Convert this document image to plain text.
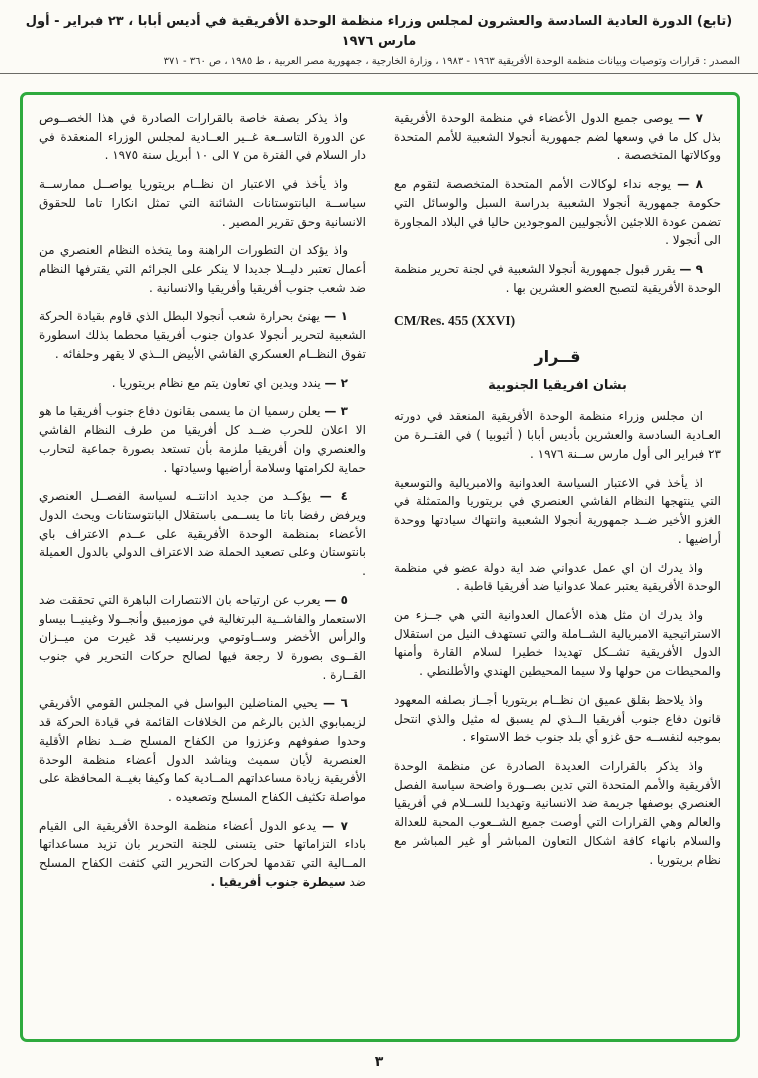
(تابع) الدورة العادية السادسة والعشرون لمجلس وزراء منظمة الوحدة الأفريقية في أديس أبابا ، ٢٣ فبراير - أول مارس ١٩٧٦
المصدر : قرارات وتوصيات وبيانات منظمة الوحدة الأفريقية ١٩٦٣ - ١٩٨٣ ، وزارة الخارجية ، جمهورية مصر العربية ، ط ١٩٨٥ ، ص ٣٦٠ - ٣٧١

٧ — يوصى جميع الدول الأعضاء في منظمة الوحدة الأفريقية بذل كل ما في وسعها لضم جمهورية أنجولا الشعبية للأمم المتحدة ووكالاتها المتخصصة .

٨ — يوجه نداء لوكالات الأمم المتحدة المتخصصة لتقوم مع حكومة جمهورية أنجولا الشعبية بدراسة السبل والوسائل التي تضمن عودة اللاجئين الأنجوليين الموجودين حاليا في البلاد المجاورة الى أنجولا .

٩ — يقرر قبول جمهورية أنجولا الشعبية في لجنة تحرير منظمة الوحدة الأفريقية لتصبح العضو العشرين بها .

CM/Res. 455 (XXVI)
قــرار
بشان افريقيا الجنوبية

ان مجلس وزراء منظمة الوحدة الأفريقية المنعقد في دورته العـادية السادسة والعشرين بأديس أبابا ( أثيوبيا ) في الفتــرة من ٢٣ فبراير الى أول مارس ســنة ١٩٧٦ .

اذ يأخذ في الاعتبار السياسة العدوانية والامبريالية والتوسعية التي ينتهجها النظام الفاشي العنصري في بريتوريا والمتمثلة في الغزو الأخير ضــد جمهورية أنجولا الشعبية وانتهاك سيادتها ووحدة أراضيها .

واذ يدرك ان اي عمل عدواني ضد اية دولة عضو في منظمة الوحدة الأفريقية يعتبر عملا عدوانيا ضد أفريقيا قاطبة .

واذ يدرك ان مثل هذه الأعمال العدوانية التي هي جــزء من الاستراتيجية الامبريالية الشــاملة والتي تستهدف النيل من استقلال الدول الأفريقية تشــكل تهديدا خطيرا لسلام القارة وأمنها والمحيطات من حولها ولا سيما المحيطين الهندي والأطلنطي .

واذ يلاحظ بقلق عميق ان نظــام بريتوريا أجــاز بصلفه المعهود قانون دفاع جنوب أفريقيا الــذي لم يسبق له مثيل والذي انتحل بموجبه لنفســه حق غزو أي بلد جنوب خط الاستواء .

واذ يذكر بالقرارات العديدة الصادرة عن منظمة الوحدة الأفريقية والأمم المتحدة التي تدين بصــورة واضحة سياسة الفصل العنصري بوصفها جريمة ضد الانسانية وتهديدا للســلام في أفريقيا والعالم وهي القرارات التي أوصت جميع الشــعوب المحبة للعدالة والسلام بانهاء كافة اشكال التعاون المباشر أو غير المباشر مع نظام بريتوريا .

واذ يذكر بصفة خاصة بالقرارات الصادرة في هذا الخصــوص عن الدورة التاســعة غــير العــادية لمجلس الوزراء المنعقدة في دار السلام في الفترة من ٧ الى ١٠ أبريل سنة ١٩٧٥ .

واذ يأخذ في الاعتبار ان نظــام بريتوريا يواصــل ممارســة سياســة البانتوستانات الشائنة التي تمثل انكارا تاما للحقوق الانسانية وحق تقرير المصير .

واذ يؤكد ان التطورات الراهنة وما يتخذه النظام العنصري من أعمال تعتبر دليــلا جديدا لا ينكر على الجرائم التي يقترفها النظام ضد شعب جنوب أفريقيا وأفريقيا والانسانية .

١ — يهنئ بحرارة شعب أنجولا البطل الذي قاوم بقيادة الحركة الشعبية لتحرير أنجولا عدوان جنوب أفريقيا محطما بذلك اسطورة تفوق النظــام العسكري الفاشي الأبيض الــذي لا يقهر وحلفائه .

٢ — يندد ويدين اي تعاون يتم مع نظام بريتوريا .

٣ — يعلن رسميا ان ما يسمى بقانون دفاع جنوب أفريقيا ما هو الا اعلان للحرب ضــد كل أفريقيا من طرف النظام الفاشي والعنصري وان أفريقيا ملزمة بأن تستعد بصورة جماعية لتحارب حماية لكرامتها وسلامة أراضيها وسيادتها .

٤ — يؤكــد من جديد ادانتــه لسياسة الفصــل العنصري ويرفض رفضا باتا ما يســمى باستقلال البانتوستانات ويحث الدول الأعضاء بمنظمة الوحدة الأفريقية على عــدم الاعتراف باي بانتوستان وعلى تصعيد الحملة ضد الاعتراف الدولي بالدول العميلة .

٥ — يعرب عن ارتياحه بان الانتصارات الباهرة التي تحققت ضد الاستعمار والفاشــية البرتغالية في موزمبيق وأنجــولا وغينيــا بيساو والرأس الأخضر وســاوتومي وبرنسيب قد غيرت من ميــزان القــوى بصورة لا رجعة فيها لصالح حركات التحرير في جنوب القــارة .

٦ — يحيي المناضلين البواسل في المجلس القومي الأفريقي لزيمبابوي الذين بالرغم من الخلافات القائمة في قيادة الحركة قد وحدوا صفوفهم وعززوا من الكفاح المسلح ضــد نظام الأقلية العنصرية لأيان سميث ويناشد الدول أعضاء منظمة الوحدة الأفريقية زيادة مساعداتهم المــادية كما وكيفا بغيــة المحافظة على مواصلة تكثيف الكفاح المسلح وتصعيده .

٧ — يدعو الدول أعضاء منظمة الوحدة الأفريقية الى القيام باداء التزاماتها حتى يتسنى للجنة التحرير بان تزيد مساعداتها المــالية التي تقدمها لحركات التحرير التي كثفت الكفاح المسلح ضد سيطرة جنوب أفريقيا .

٣
